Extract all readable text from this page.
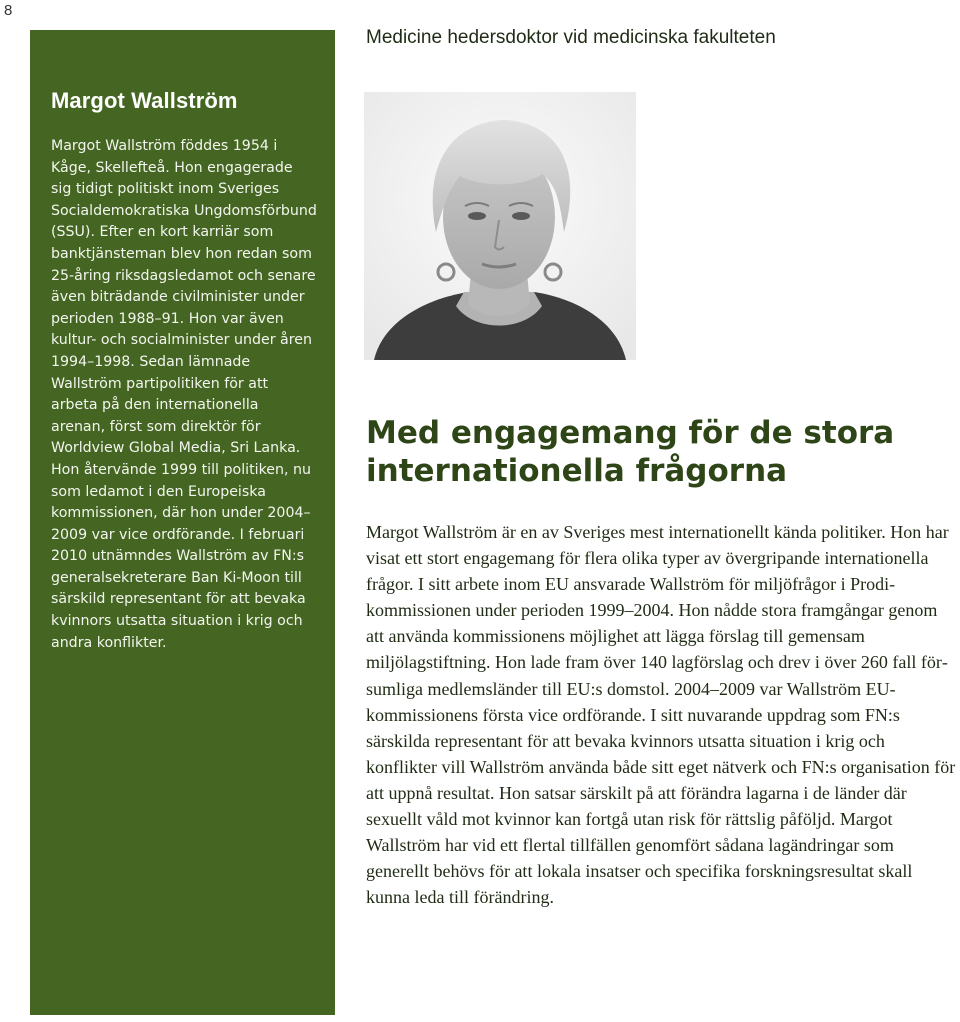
8
Margot Wallström

Margot Wallström föddes 1954 i Kåge, Skellefteå. Hon engagerade sig tidigt politiskt inom Sveriges Socialdemokratiska Ungdomsförbund (SSU). Efter en kort karriär som banktjänsteman blev hon redan som 25-åring riksdagsledamot och senare även biträdande civilminister under perioden 1988–91. Hon var även kultur- och socialminister under åren 1994–1998. Sedan lämnade Wallström partipolitiken för att arbeta på den internationella arenan, först som direktör för Worldview Global Media, Sri Lanka. Hon återvände 1999 till politiken, nu som ledamot i den Europeiska kommissionen, där hon under 2004–2009 var vice ordförande. I februari 2010 utnämndes Wallström av FN:s generalsekreterare Ban Ki-Moon till särskild representant för att bevaka kvinnors utsatta situation i krig och andra konflikter.

Medicine hedersdoktor vid medicinska fakulteten
Med engagemang för de stora internationella frågorna

Margot Wallström är en av Sveriges mest internationellt kända politiker. Hon har visat ett stort engagemang för flera olika typer av övergripande internationella frågor. I sitt arbete inom EU ansvarade Wallström för miljöfrågor i Prodi-kommissionen under perioden 1999–2004. Hon nådde stora framgångar genom att använda kommissionens möjlighet att lägga förslag till gemensam miljölagstiftning. Hon lade fram över 140 lagförslag och drev i över 260 fall försumliga medlemsländer till EU:s domstol. 2004–2009 var Wallström EU-kommissionens första vice ordförande. I sitt nuvarande uppdrag som FN:s särskilda representant för att bevaka kvinnors utsatta situation i krig och konflikter vill Wallström använda både sitt eget nätverk och FN:s organisation för att uppnå resultat. Hon satsar särskilt på att förändra lagarna i de länder där sexuellt våld mot kvinnor kan fortgå utan risk för rättslig påföljd. Margot Wallström har vid ett flertal tillfällen genomfört sådana lagändringar som generellt behövs för att lokala insatser och specifika forskningsresultat skall kunna leda till förändring.
